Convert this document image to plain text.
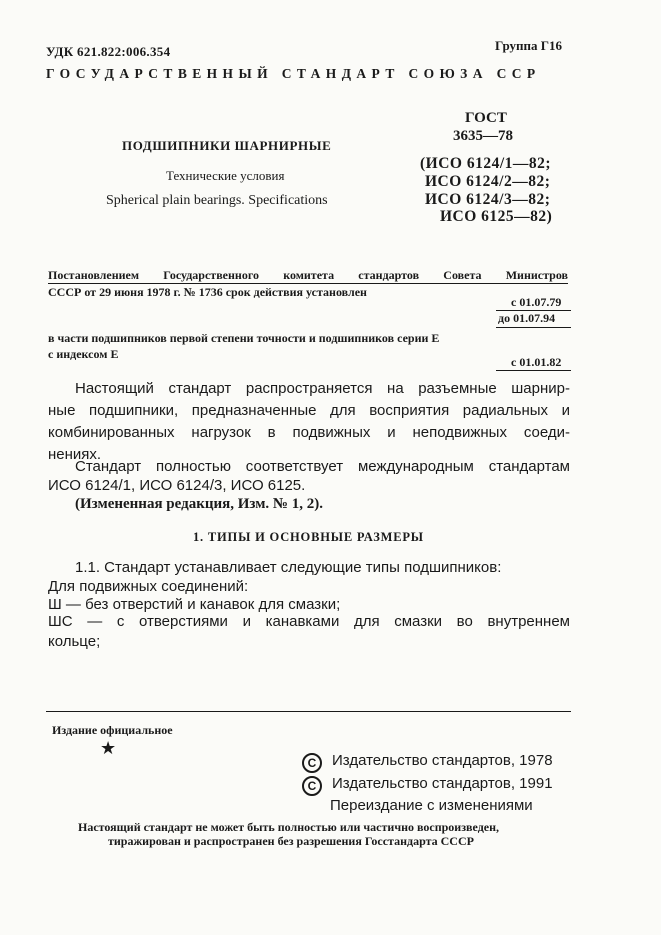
УДК 621.822:006.354	Группа Г16
ГОСУДАРСТВЕННЫЙ СТАНДАРТ СОЮЗА ССР
ПОДШИПНИКИ ШАРНИРНЫЕ
Технические условия
Spherical plain bearings. Specifications
ГОСТ
3635—78
(ИСО 6124/1—82;
ИСО 6124/2—82;
ИСО 6124/3—82;
ИСО 6125—82)
Постановлением Государственного комитета стандартов Совета Министров
СССР от 29 июня 1978 г. № 1736 срок действия установлен
с 01.07.79
до 01.07.94
в части подшипников первой степени точности и подшипников серии Е
с индексом Е
с 01.01.82
Настоящий стандарт распространяется на разъемные шарнир-
ные подшипники, предназначенные для восприятия радиальных и
комбинированных нагрузок в подвижных и неподвижных соеди-
нениях.
Стандарт полностью соответствует международным стандартам
ИСО 6124/1, ИСО 6124/3, ИСО 6125.
(Измененная редакция, Изм. № 1, 2).
1. ТИПЫ И ОСНОВНЫЕ РАЗМЕРЫ
1.1. Стандарт устанавливает следующие типы подшипников:
Для подвижных соединений:
Ш — без отверстий и канавок для смазки;
ШС — с отверстиями и канавками для смазки во внутреннем
кольце;
Издание официальное
★
С Издательство стандартов, 1978
С Издательство стандартов, 1991
Переиздание с изменениями
Настоящий стандарт не может быть полностью или частично воспроизведен,
тиражирован и распространен без разрешения Госстандарта СССР
